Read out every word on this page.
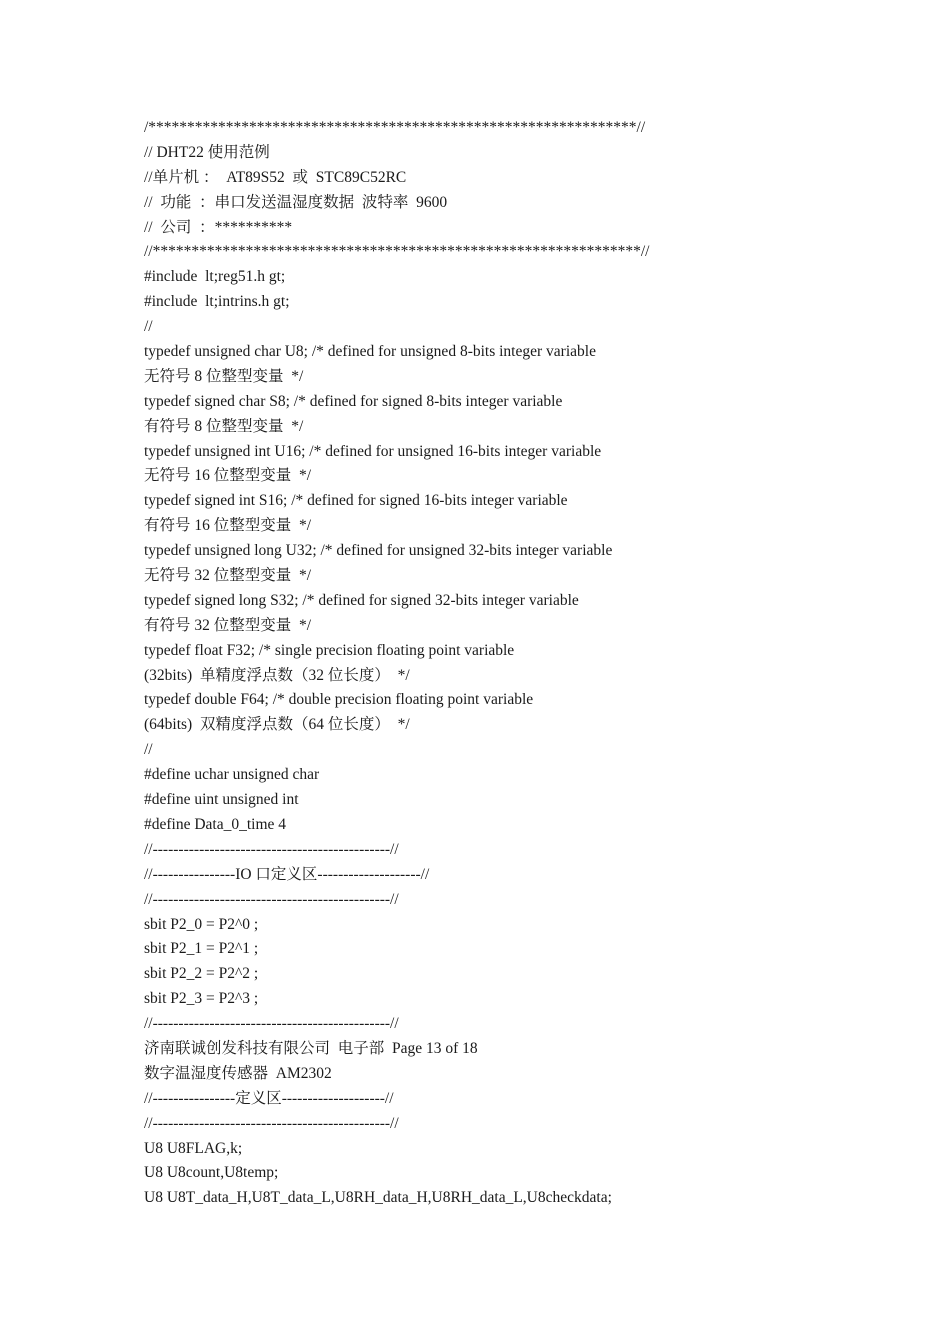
/***************************************************************//
// DHT22 使用范例
//单片机 ：  AT89S52  或  STC89C52RC
//  功能  ：串口发送温湿度数据  波特率  9600
//  公司  ：**********
//***************************************************************//
#include  lt;reg51.h gt;
#include  lt;intrins.h gt;
//
typedef unsigned char U8; /* defined for unsigned 8-bits integer variable
无符号 8 位整型变量  */
typedef signed char S8; /* defined for signed 8-bits integer variable
有符号 8 位整型变量  */
typedef unsigned int U16; /* defined for unsigned 16-bits integer variable
无符号 16 位整型变量  */
typedef signed int S16; /* defined for signed 16-bits integer variable
有符号 16 位整型变量  */
typedef unsigned long U32; /* defined for unsigned 32-bits integer variable
无符号 32 位整型变量  */
typedef signed long S32; /* defined for signed 32-bits integer variable
有符号 32 位整型变量  */
typedef float F32; /* single precision floating point variable
(32bits)  单精度浮点数（32 位长度）  */
typedef double F64; /* double precision floating point variable
(64bits)  双精度浮点数（64 位长度）  */
//
#define uchar unsigned char
#define uint unsigned int
#define Data_0_time 4
//----------------------------------------------//
//----------------IO 口定义区--------------------//
//----------------------------------------------//
sbit P2_0 = P2^0 ;
sbit P2_1 = P2^1 ;
sbit P2_2 = P2^2 ;
sbit P2_3 = P2^3 ;
//----------------------------------------------//
济南联诚创发科技有限公司  电子部  Page 13 of 18
数字温湿度传感器  AM2302
//----------------定义区--------------------//
//----------------------------------------------//
U8 U8FLAG,k;
U8 U8count,U8temp;
U8 U8T_data_H,U8T_data_L,U8RH_data_H,U8RH_data_L,U8checkdata;
